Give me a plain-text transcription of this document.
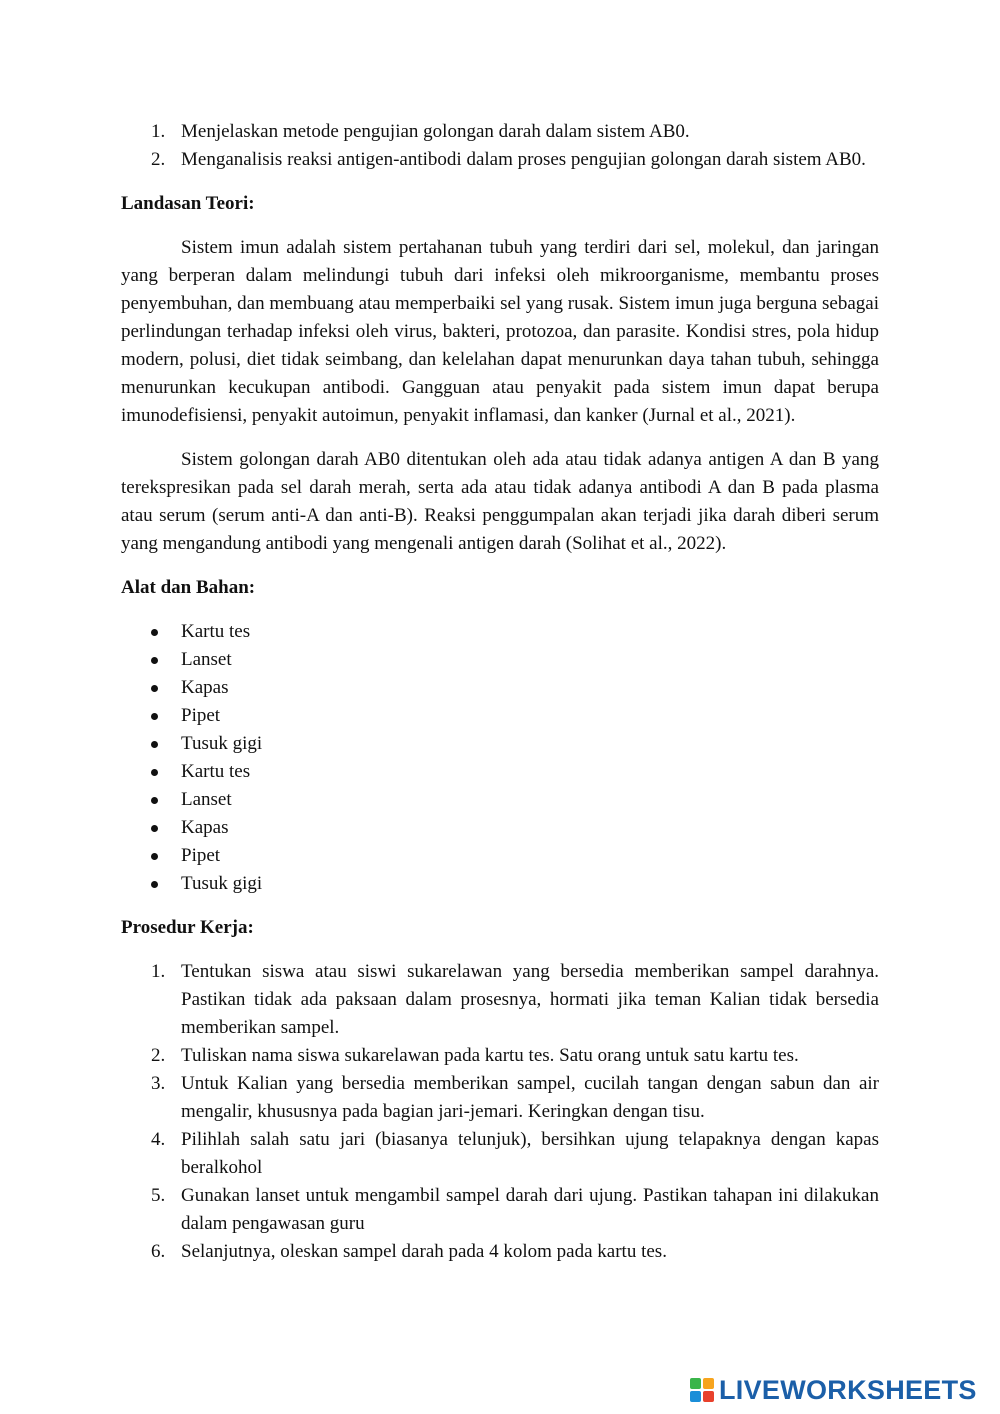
1. Menjelaskan metode pengujian golongan darah dalam sistem AB0.
2. Menganalisis reaksi antigen-antibodi dalam proses pengujian golongan darah sistem AB0.

Landasan Teori:

Sistem imun adalah sistem pertahanan tubuh yang terdiri dari sel, molekul, dan jaringan yang berperan dalam melindungi tubuh dari infeksi oleh mikroorganisme, membantu proses penyembuhan, dan membuang atau memperbaiki sel yang rusak. Sistem imun juga berguna sebagai perlindungan terhadap infeksi oleh virus, bakteri, protozoa, dan parasite. Kondisi stres, pola hidup modern, polusi, diet tidak seimbang, dan kelelahan dapat menurunkan daya tahan tubuh, sehingga menurunkan kecukupan antibodi. Gangguan atau penyakit pada sistem imun dapat berupa imunodefisiensi, penyakit autoimun, penyakit inflamasi, dan kanker (Jurnal et al., 2021).

Sistem golongan darah AB0 ditentukan oleh ada atau tidak adanya antigen A dan B yang terekspresikan pada sel darah merah, serta ada atau tidak adanya antibodi A dan B pada plasma atau serum (serum anti-A dan anti-B). Reaksi penggumpalan akan terjadi jika darah diberi serum yang mengandung antibodi yang mengenali antigen darah (Solihat et al., 2022).

Alat dan Bahan:

Kartu tes
Lanset
Kapas
Pipet
Tusuk gigi
Kartu tes
Lanset
Kapas
Pipet
Tusuk gigi

Prosedur Kerja:

1. Tentukan siswa atau siswi sukarelawan yang bersedia memberikan sampel darahnya. Pastikan tidak ada paksaan dalam prosesnya, hormati jika teman Kalian tidak bersedia memberikan sampel.
2. Tuliskan nama siswa sukarelawan pada kartu tes. Satu orang untuk satu kartu tes.
3. Untuk Kalian yang bersedia memberikan sampel, cucilah tangan dengan sabun dan air mengalir, khususnya pada bagian jari-jemari. Keringkan dengan tisu.
4. Pilihlah salah satu jari (biasanya telunjuk), bersihkan ujung telapaknya dengan kapas beralkohol
5. Gunakan lanset untuk mengambil sampel darah dari ujung. Pastikan tahapan ini dilakukan dalam pengawasan guru
6. Selanjutnya, oleskan sampel darah pada 4 kolom pada kartu tes.
LIVEWORKSHEETS
